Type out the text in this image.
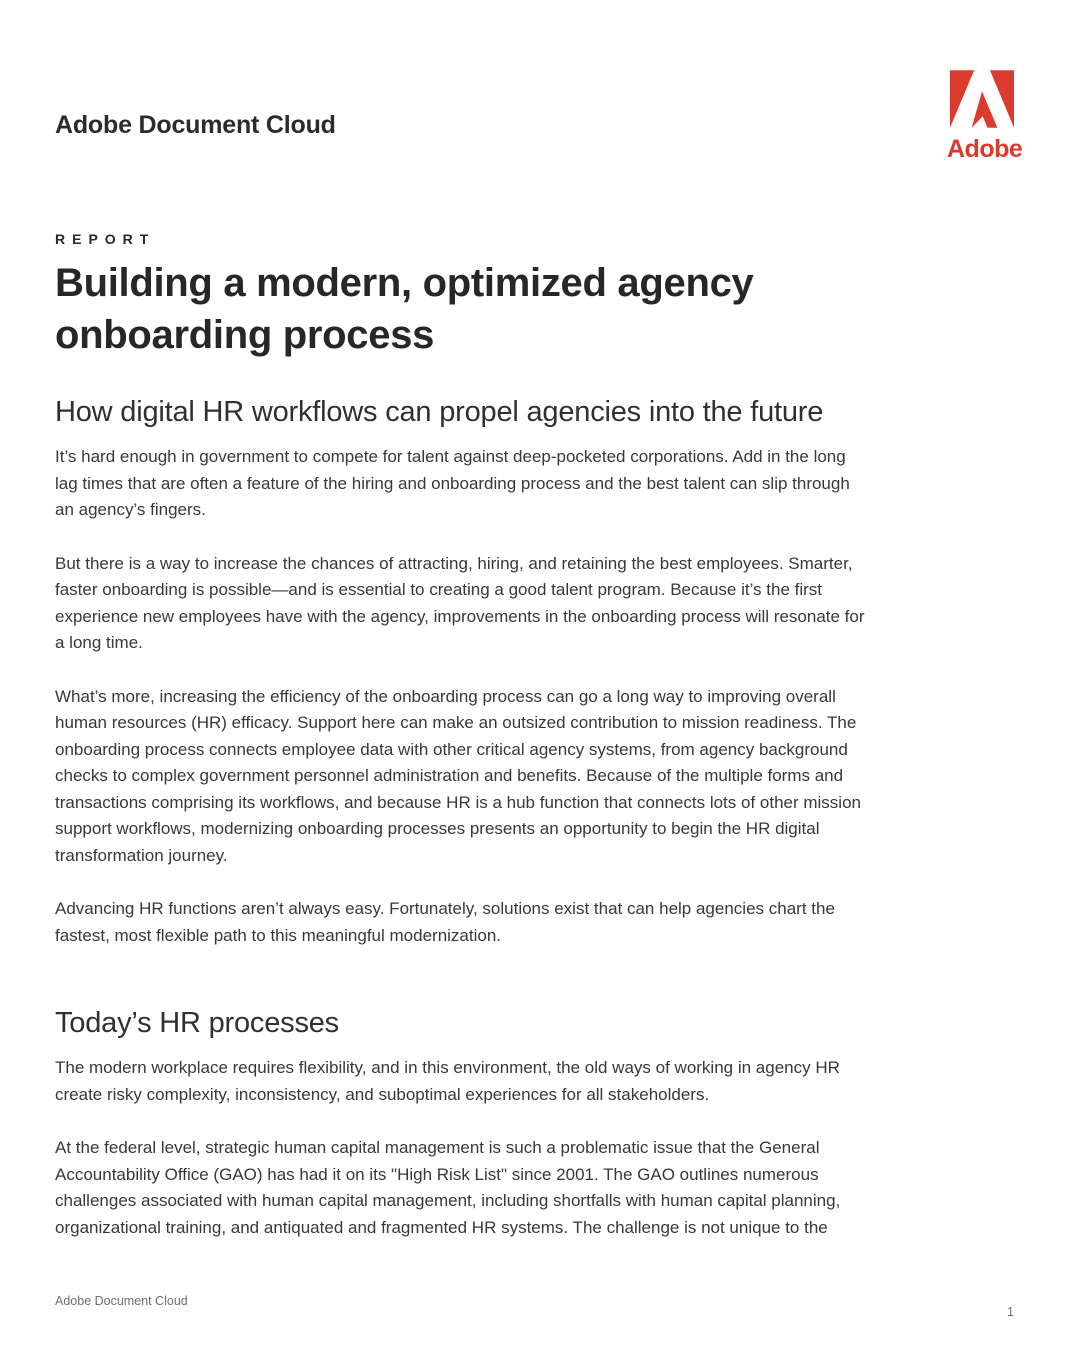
Adobe Document Cloud
Adobe
REPORT
Building a modern, optimized agency onboarding process
How digital HR workflows can propel agencies into the future

It’s hard enough in government to compete for talent against deep-pocketed corporations. Add in the long lag times that are often a feature of the hiring and onboarding process and the best talent can slip through an agency’s fingers.

But there is a way to increase the chances of attracting, hiring, and retaining the best employees. Smarter, faster onboarding is possible—and is essential to creating a good talent program. Because it’s the first experience new employees have with the agency, improvements in the onboarding process will resonate for a long time.

What’s more, increasing the efficiency of the onboarding process can go a long way to improving overall human resources (HR) efficacy. Support here can make an outsized contribution to mission readiness. The onboarding process connects employee data with other critical agency systems, from agency background checks to complex government personnel administration and benefits. Because of the multiple forms and transactions comprising its workflows, and because HR is a hub function that connects lots of other mission support workflows, modernizing onboarding processes presents an opportunity to begin the HR digital transformation journey.

Advancing HR functions aren’t always easy. Fortunately, solutions exist that can help agencies chart the fastest, most flexible path to this meaningful modernization.

Today’s HR processes

The modern workplace requires flexibility, and in this environment, the old ways of working in agency HR create risky complexity, inconsistency, and suboptimal experiences for all stakeholders.

At the federal level, strategic human capital management is such a problematic issue that the General Accountability Office (GAO) has had it on its "High Risk List" since 2001. The GAO outlines numerous challenges associated with human capital management, including shortfalls with human capital planning, organizational training, and antiquated and fragmented HR systems. The challenge is not unique to the

Adobe Document Cloud
1
